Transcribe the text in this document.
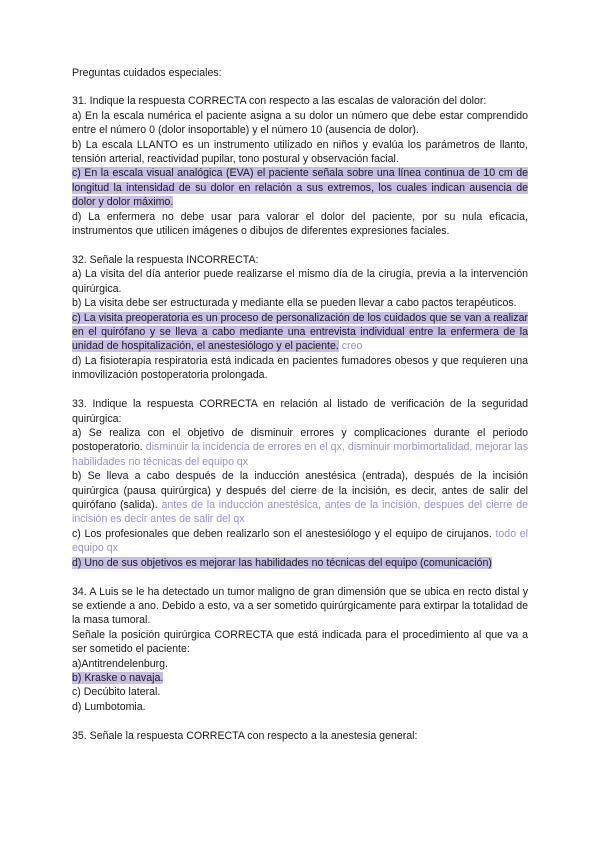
Preguntas cuidados especiales:

31. Indique la respuesta CORRECTA con respecto a las escalas de valoración del dolor:

a) En la escala numérica el paciente asigna a su dolor un número que debe estar comprendido entre el número 0 (dolor insoportable) y el número 10 (ausencia de dolor).

b) La escala LLANTO es un instrumento utilizado en niños y evalúa los parámetros de llanto, tensión arterial, reactividad pupilar, tono postural y observación facial.

c) En la escala visual analógica (EVA) el paciente señala sobre una línea continua de 10 cm de longitud la intensidad de su dolor en relación a sus extremos, los cuales indican ausencia de dolor y dolor máximo.

d) La enfermera no debe usar para valorar el dolor del paciente, por su nula eficacia, instrumentos que utilicen imágenes o dibujos de diferentes expresiones faciales.

32. Señale la respuesta INCORRECTA:

a) La visita del día anterior puede realizarse el mismo día de la cirugía, previa a la intervención quirúrgica.

b) La visita debe ser estructurada y mediante ella se pueden llevar a cabo pactos terapéuticos.

c) La visita preoperatoria es un proceso de personalización de los cuidados que se van a realizar en el quirófano y se lleva a cabo mediante una entrevista individual entre la enfermera de la unidad de hospitalización, el anestesiólogo y el paciente. creo

d) La fisioterapia respiratoria está indicada en pacientes fumadores obesos y que requieren una inmovilización postoperatoria prolongada.

33. Indique la respuesta CORRECTA en relación al listado de verificación de la seguridad quirúrgica:

a) Se realiza con el objetivo de disminuir errores y complicaciones durante el periodo postoperatorio. disminuir la incidencia de errores en el qx, disminuir morbimortalidad, mejorar las habilidades no técnicas del equipo qx

b) Se lleva a cabo después de la inducción anestésica (entrada), después de la incisión quirúrgica (pausa quirúrgica) y después del cierre de la incisión, es decir, antes de salir del quirófano (salida). antes de la inducción anestésica, antes de la incisión, despues del cierre de incisión es decir antes de salir del qx

c) Los profesionales que deben realizarlo son el anestesiólogo y el equipo de cirujanos. todo el equipo qx

d) Uno de sus objetivos es mejorar las habilidades no técnicas del equipo (comunicación)

34. A Luis se le ha detectado un tumor maligno de gran dimensión que se ubica en recto distal y se extiende a ano. Debido a esto, va a ser sometido quirúrgicamente para extirpar la totalidad de la masa tumoral.

Señale la posición quirúrgica CORRECTA que está indicada para el procedimiento al que va a ser sometido el paciente:

a)Antitrendelenburg.

b) Kraske o navaja.

c) Decúbito lateral.

d) Lumbotomia.

35. Señale la respuesta CORRECTA con respecto a la anestesia general:
